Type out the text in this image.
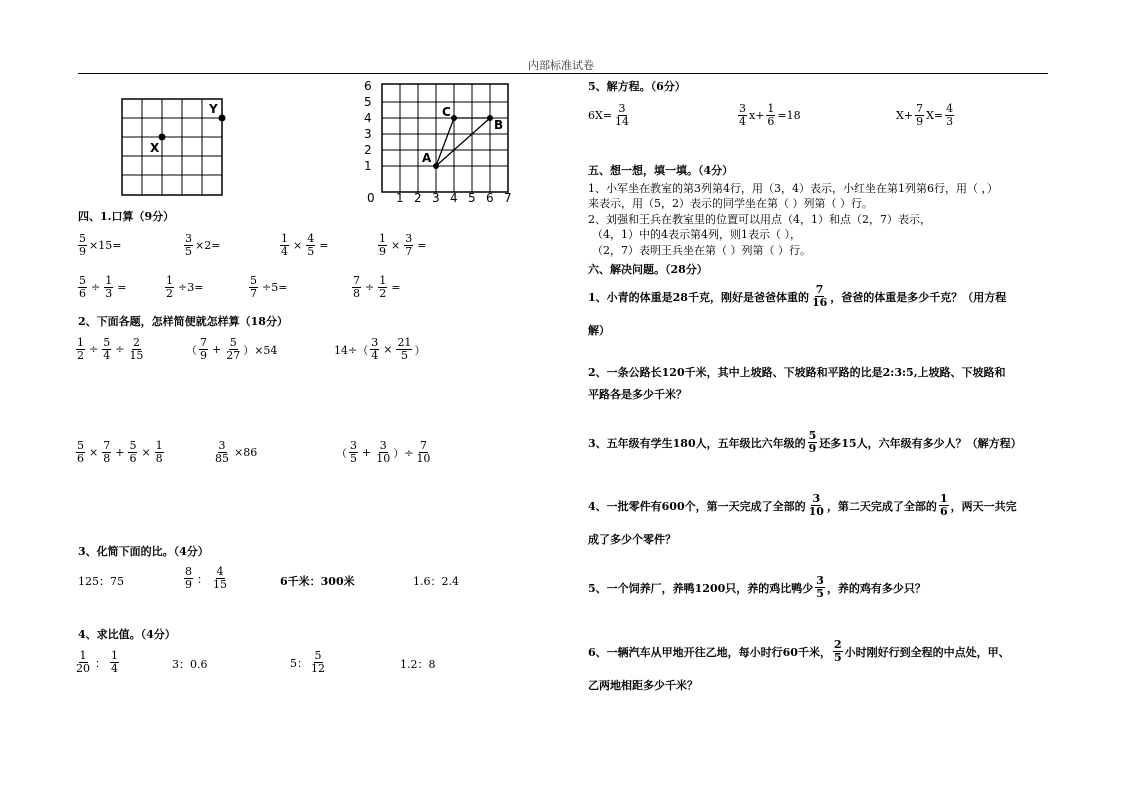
内部标准试卷
X
Y
6
5
4
3
2
1
0 1 2 3 4 5 6 7
A
C
B
四、1.口算（9分）
$\frac{5}{9} \times 15=$	$\frac{3}{5} \times 2=$	$\frac{1}{4} \times \frac{4}{5}$ =	$\frac{1}{9} \times \frac{3}{7}$ =
$\frac{5}{6} \div \frac{1}{3}$ =	$\frac{1}{2} \div 3=$	$\frac{5}{7} \div 5=$	$\frac{7}{8} \div \frac{1}{2}$ =
2、下面各题，怎样简便就怎样算（18分）
$\frac{1}{2} \div \frac{5}{4} \div \frac{2}{15}$	（ $\frac{7}{9} + \frac{5}{27} )\times 54$	$14\div( \frac{3}{4} \times \frac{21}{5}$ ）
$\frac{5}{6} \times \frac{7}{8} + \frac{5}{6} \times \frac{1}{8}$	$\frac{3}{85} \times 86$	（ $\frac{3}{5} + \frac{3}{10}$ ）÷ $\frac{7}{10}$
3、化简下面的比。（4分）
125：75	$\frac{8}{9}$ ： $\frac{4}{15}$	6千米：300米	1.6：2.4
4、求比值。（4分）
$\frac{1}{20}$ ： $\frac{1}{4}$	3：0.6	5： $\frac{5}{12}$	1.2：8
5、解方程。（6分）
$6X= \frac{3}{14}$	$\frac{3}{4} x+ \frac{1}{6} =18$	$X+ \frac{7}{9} X= \frac{4}{3}$
五、想一想，填一填。（4分）
1、小军坐在教室的第3列第4行，用（3，4）表示，小红坐在第1列第6行，用（ ，）
来表示，用（5，2）表示的同学坐在第（ ）列第（ ）行。
2、刘强和王兵在教室里的位置可以用点（4，1）和点（2，7）表示，
（4，1）中的4表示第4列，则1表示（ ），
（2，7）表明王兵坐在第（ ）列第（ ）行。
六、解决问题。（28分）
1、小青的体重是28千克，刚好是爸爸体重的 $\frac{7}{16}$ ，爸爸的体重是多少千克？（用方程
解）
2、一条公路长120千米，其中上坡路、下坡路和平路的比是2:3:5,上坡路、下坡路和
平路各是多少千米？
3、五年级有学生180人，五年级比六年级的 $\frac{5}{9}$ 还多15人，六年级有多少人？（解方程）
4、一批零件有600个，第一天完成了全部的 $\frac{3}{10}$ ，第二天完成了全部的 $\frac{1}{6}$ ，两天一共完
成了多少个零件？
5、一个饲养厂，养鸭1200只，养的鸡比鸭少 $\frac{3}{5}$ ，养的鸡有多少只？
6、一辆汽车从甲地开往乙地，每小时行60千米， $\frac{2}{5}$ 小时刚好行到全程的中点处，甲、
乙两地相距多少千米？
